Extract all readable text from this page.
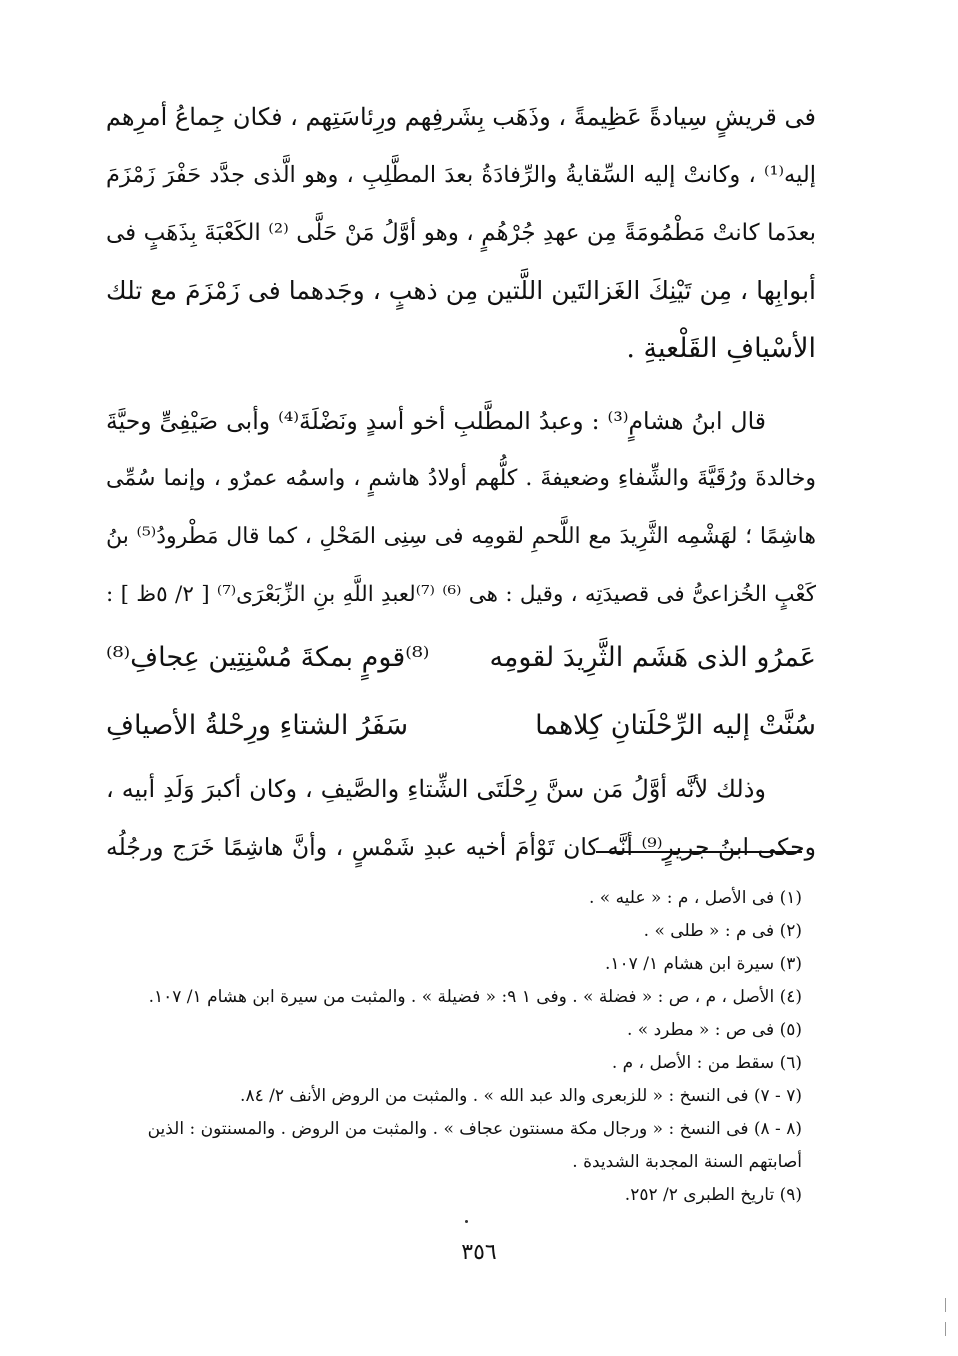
فى قريشٍ سِيادةً عَظِيمةً ، وذَهَب بِشَرفِهم ورِئاسَتِهم ، فكان جِماعُ أمرِهم
إليه⁽¹⁾ ، وكانتْ إليه السِّقايةُ والرِّفادَةُ بعدَ المطَّلِبِ ، وهو الَّذى جدَّد حَفْرَ زَمْزَمَ
بعدَما كانتْ مَطْمُومَةً مِن عهدِ جُرْهُمٍ ، وهو أوَّلُ مَنْ حَلَّى ⁽²⁾ الكَعْبَةَ بِذَهَبٍ فى
أبوابِها ، مِن تَيْنِكَ الغَزالتَين اللَّتين مِن ذهبٍ ، وجَدهما فى زَمْزَمَ مع تلك
الأسْيافِ القَلْعيةِ .
قال ابنُ هشامٍ⁽³⁾ : وعبدُ المطَّلبِ أخو أسدٍ ونَضْلَةَ⁽⁴⁾ وأبى صَيْفِىٍّ وحيَّةَ
وخالدةَ ورُقَيَّةَ والشِّفاءِ وضعيفةَ . كلُّهم أولادُ هاشمٍ ، واسمُه عمرٌو ، وإنما سُمِّى
هاشِمًا ؛ لهَشْمِه الثَّرِيدَ مع اللَّحمِ لقومِه فى سِنِى المَحْلِ ، كما قال مَطْرودُ⁽⁵⁾ بنُ
كَعْبٍ الخُزاعىُّ فى قصيدَتِه ، وقيل : هى ⁽⁶⁾ ⁽⁷⁾لعبدِ اللَّهِ بنِ الزِّبَعْرَى⁽⁷⁾ [ ٢/ ٥ظ ] :
عَمرُو الذى هَشَم الثَّرِيدَ لقومِه
⁽⁸⁾قومٍ بمكةَ مُسْنِتِين عِجافِ⁽⁸⁾
سُنَّتْ إليه الرِّحْلَتانِ كِلاهما
سَفَرُ الشتاءِ ورِحْلةُ الأصيافِ
وذلك لأنَّه أوَّلُ مَن سنَّ رِحْلَتَى الشِّتاءِ والصَّيفِ ، وكان أكبرَ وَلَدِ أبيه ،
وحكى ابنُ جريرٍ⁽⁹⁾ أنَّه كان تَوْأمَ أخيه عبدِ شَمْسٍ ، وأنَّ هاشِمًا خَرَج ورجُلُه
(١) فى الأصل ، م : « عليه » .
(٢) فى م : « طلى » .
(٣) سيرة ابن هشام ١/ ١٠٧.
(٤) الأصل ، م ، ص : « فضلة » . وفى ١ ٩: « فضيلة » . والمثبت من سيرة ابن هشام ١/ ١٠٧.
(٥) فى ص : « مطرد » .
(٦) سقط من : الأصل ، م .
(٧ - ٧) فى النسخ : « للزبعرى والد عبد الله » . والمثبت من الروض الأنف ٢/ ٨٤.
(٨ - ٨) فى النسخ : « ورجال مكة مسنتون عجاف » . والمثبت من الروض . والمسنتون : الذين
أصابتهم السنة المجدبة الشديدة .
(٩) تاريخ الطبرى ٢/ ٢٥٢.
٣٥٦
